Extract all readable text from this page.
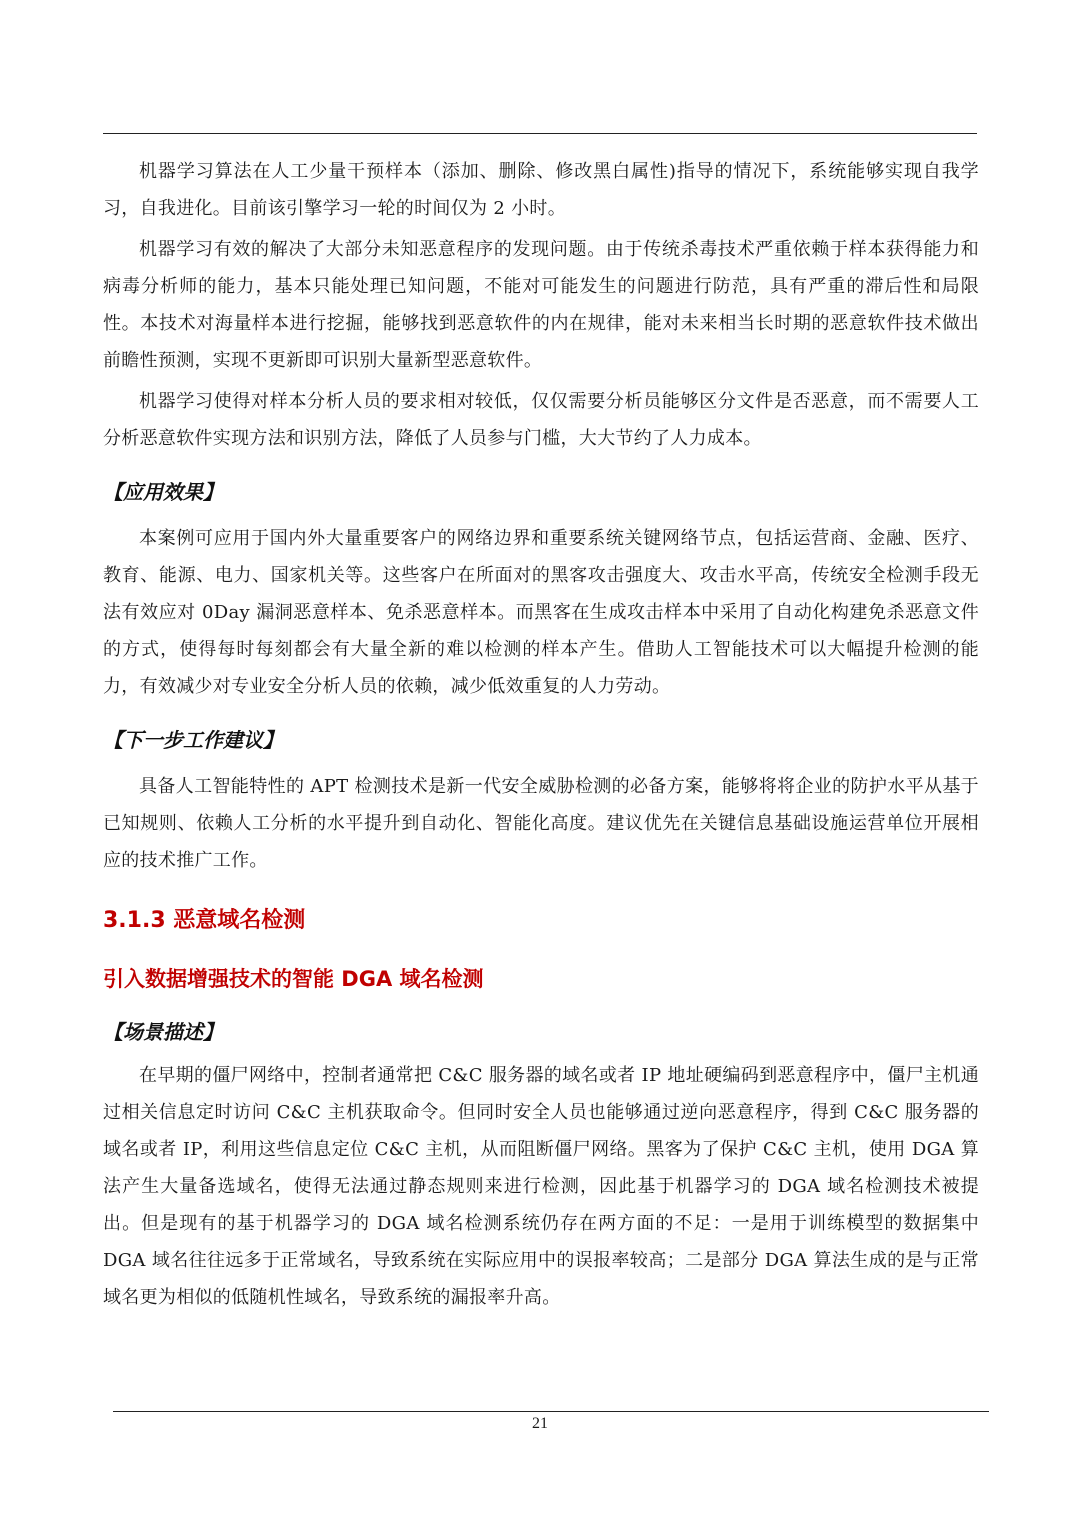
机器学习算法在人工少量干预样本（添加、删除、修改黑白属性)指导的情况下，系统能够实现自我学习，自我进化。目前该引擎学习一轮的时间仅为 2 小时。

机器学习有效的解决了大部分未知恶意程序的发现问题。由于传统杀毒技术严重依赖于样本获得能力和病毒分析师的能力，基本只能处理已知问题，不能对可能发生的问题进行防范，具有严重的滞后性和局限性。本技术对海量样本进行挖掘，能够找到恶意软件的内在规律，能对未来相当长时期的恶意软件技术做出前瞻性预测，实现不更新即可识别大量新型恶意软件。

机器学习使得对样本分析人员的要求相对较低，仅仅需要分析员能够区分文件是否恶意，而不需要人工分析恶意软件实现方法和识别方法，降低了人员参与门槛，大大节约了人力成本。

【应用效果】

本案例可应用于国内外大量重要客户的网络边界和重要系统关键网络节点，包括运营商、金融、医疗、教育、能源、电力、国家机关等。这些客户在所面对的黑客攻击强度大、攻击水平高，传统安全检测手段无法有效应对 0Day 漏洞恶意样本、免杀恶意样本。而黑客在生成攻击样本中采用了自动化构建免杀恶意文件的方式，使得每时每刻都会有大量全新的难以检测的样本产生。借助人工智能技术可以大幅提升检测的能力，有效减少对专业安全分析人员的依赖，减少低效重复的人力劳动。

【下一步工作建议】

具备人工智能特性的 APT 检测技术是新一代安全威胁检测的必备方案，能够将将企业的防护水平从基于已知规则、依赖人工分析的水平提升到自动化、智能化高度。建议优先在关键信息基础设施运营单位开展相应的技术推广工作。

3.1.3 恶意域名检测
引入数据增强技术的智能 DGA 域名检测
【场景描述】

在早期的僵尸网络中，控制者通常把 C&C 服务器的域名或者 IP 地址硬编码到恶意程序中，僵尸主机通过相关信息定时访问 C&C 主机获取命令。但同时安全人员也能够通过逆向恶意程序，得到 C&C 服务器的域名或者 IP，利用这些信息定位 C&C 主机，从而阻断僵尸网络。黑客为了保护 C&C 主机，使用 DGA 算法产生大量备选域名，使得无法通过静态规则来进行检测，因此基于机器学习的 DGA 域名检测技术被提出。但是现有的基于机器学习的 DGA 域名检测系统仍存在两方面的不足：一是用于训练模型的数据集中 DGA 域名往往远多于正常域名，导致系统在实际应用中的误报率较高；二是部分 DGA 算法生成的是与正常域名更为相似的低随机性域名，导致系统的漏报率升高。

21
